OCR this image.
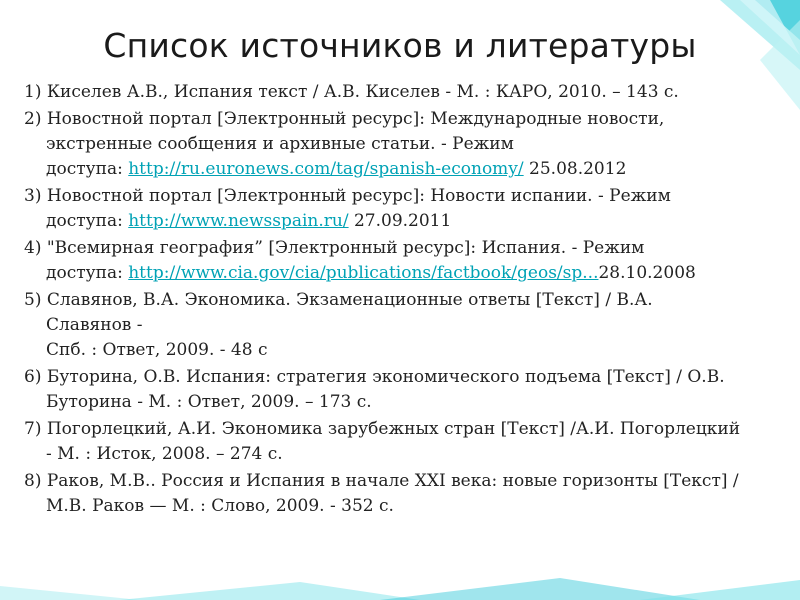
Список источников и литературы
1) Киселев А.В., Испания текст / А.В. Киселев - М. : КАРО, 2010. – 143 с.
2) Новостной портал [Электронный ресурс]: Международные новости,
экстренные сообщения и архивные статьи. - Режим
доступа: http://ru.euronews.com/tag/spanish-economy/ 25.08.2012
3) Новостной портал [Электронный ресурс]: Новости испании. - Режим
доступа: http://www.newsspain.ru/ 27.09.2011
4) "Всемирная география” [Электронный ресурс]: Испания. - Режим
доступа: http://www.cia.gov/cia/publications/factbook/geos/sp...28.10.2008
5) Славянов, В.А. Экономика. Экзаменационные ответы [Текст] / В.А.
Славянов -
Спб. : Ответ, 2009. - 48 с
6) Буторина, О.В. Испания: стратегия экономического подъема [Текст] / О.В.
Буторина - М. : Ответ, 2009. – 173 с.
7) Погорлецкий, А.И. Экономика зарубежных стран [Текст] /А.И. Погорлецкий
- М. : Исток, 2008. – 274 с.
8) Раков, М.В.. Россия и Испания в начале XXI века: новые горизонты [Текст] /
М.В. Раков — М. : Слово, 2009. - 352 с.
